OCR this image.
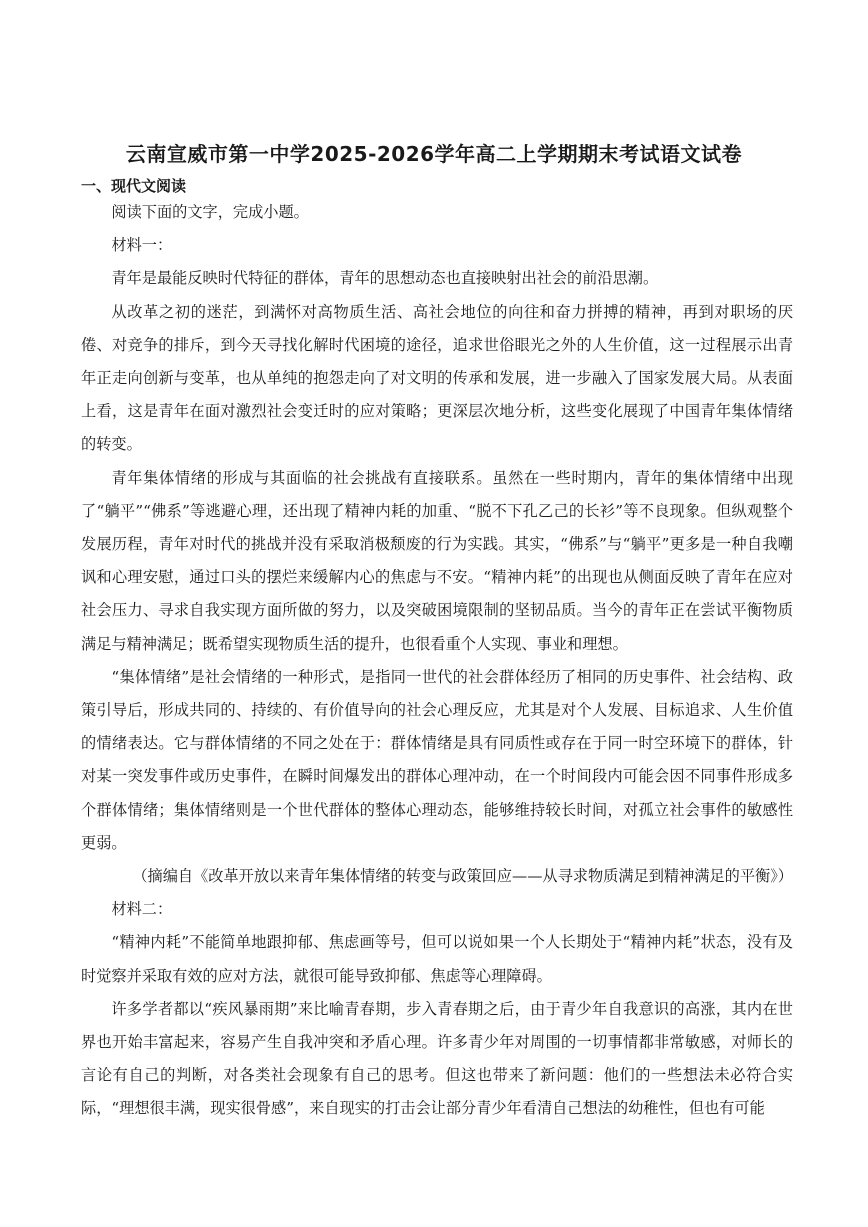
云南宣威市第一中学2025-2026学年高二上学期期末考试语文试卷
一、现代文阅读

阅读下面的文字，完成小题。

材料一：

青年是最能反映时代特征的群体，青年的思想动态也直接映射出社会的前沿思潮。

从改革之初的迷茫，到满怀对高物质生活、高社会地位的向往和奋力拼搏的精神，再到对职场的厌倦、对竞争的排斥，到今天寻找化解时代困境的途径，追求世俗眼光之外的人生价值，这一过程展示出青年正走向创新与变革，也从单纯的抱怨走向了对文明的传承和发展，进一步融入了国家发展大局。从表面上看，这是青年在面对激烈社会变迁时的应对策略；更深层次地分析，这些变化展现了中国青年集体情绪的转变。

青年集体情绪的形成与其面临的社会挑战有直接联系。虽然在一些时期内，青年的集体情绪中出现了“躺平”“佛系”等逃避心理，还出现了精神内耗的加重、“脱不下孔乙己的长衫”等不良现象。但纵观整个发展历程，青年对时代的挑战并没有采取消极颓废的行为实践。其实，“佛系”与“躺平”更多是一种自我嘲讽和心理安慰，通过口头的摆烂来缓解内心的焦虑与不安。“精神内耗”的出现也从侧面反映了青年在应对社会压力、寻求自我实现方面所做的努力，以及突破困境限制的坚韧品质。当今的青年正在尝试平衡物质满足与精神满足；既希望实现物质生活的提升，也很看重个人实现、事业和理想。

“集体情绪”是社会情绪的一种形式，是指同一世代的社会群体经历了相同的历史事件、社会结构、政策引导后，形成共同的、持续的、有价值导向的社会心理反应，尤其是对个人发展、目标追求、人生价值的情绪表达。它与群体情绪的不同之处在于：群体情绪是具有同质性或存在于同一时空环境下的群体，针对某一突发事件或历史事件，在瞬时间爆发出的群体心理冲动，在一个时间段内可能会因不同事件形成多个群体情绪；集体情绪则是一个世代群体的整体心理动态，能够维持较长时间，对孤立社会事件的敏感性更弱。

（摘编自《改革开放以来青年集体情绪的转变与政策回应——从寻求物质满足到精神满足的平衡》）

材料二：

“精神内耗”不能简单地跟抑郁、焦虑画等号，但可以说如果一个人长期处于“精神内耗”状态，没有及时觉察并采取有效的应对方法，就很可能导致抑郁、焦虑等心理障碍。

许多学者都以“疾风暴雨期”来比喻青春期，步入青春期之后，由于青少年自我意识的高涨，其内在世界也开始丰富起来，容易产生自我冲突和矛盾心理。许多青少年对周围的一切事情都非常敏感，对师长的言论有自己的判断，对各类社会现象有自己的思考。但这也带来了新问题：他们的一些想法未必符合实际，“理想很丰满，现实很骨感”，来自现实的打击会让部分青少年看清自己想法的幼稚性，但也有可能
